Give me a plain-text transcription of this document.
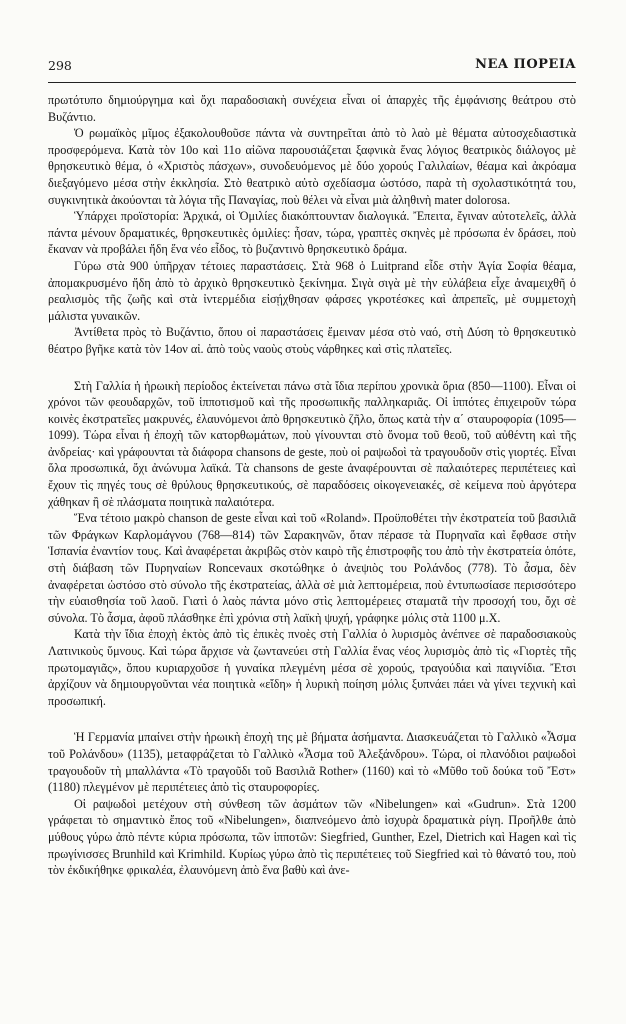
298	ΝΕΑ ΠΟΡΕΙΑ

πρωτότυπο δημιούργημα καὶ ὄχι παραδοσιακὴ συνέχεια εἶναι οἱ ἀπαρχὲς τῆς ἐμφάνισης θεάτρου στὸ Βυζάντιο.

Ὁ ρωμαϊκὸς μῖμος ἐξακολουθοῦσε πάντα νὰ συντηρεῖται ἀπὸ τὸ λαὸ μὲ θέματα αὐτοσχεδιαστικὰ προσφερόμενα. Κατὰ τὸν 10ο καὶ 11ο αἰῶνα παρουσιάζεται ξαφνικὰ ἕνας λόγιος θεατρικὸς διάλογος μὲ θρησκευτικὸ θέμα, ὁ «Χριστὸς πάσχων», συνοδευόμενος μὲ δύο χορούς Γαλιλαίων, θέαμα καὶ ἀκρόαμα διεξαγόμενο μέσα στὴν ἐκκλησία. Στὸ θεατρικὸ αὐτὸ σχεδίασμα ὡστόσο, παρὰ τὴ σχολαστικότητά του, συγκινητικὰ ἀκούονται τὰ λόγια τῆς Παναγίας, ποὺ θέλει νὰ εἶναι μιὰ ἀληθινὴ mater dolorosa.

Ὑπάρχει προϊστορία: Ἀρχικά, οἱ Ὁμιλίες διακόπτουνταν διαλογικά. Ἔπειτα, ἔγιναν αὐτοτελεῖς, ἀλλὰ πάντα μένουν δραματικές, θρησκευτικὲς ὁμιλίες: ἦσαν, τώρα, γραπτὲς σκηνὲς μὲ πρόσωπα ἐν δράσει, ποὺ ἔκαναν νὰ προβάλει ἤδη ἕνα νέο εἶδος, τὸ βυζαντινὸ θρησκευτικὸ δράμα.

Γύρω στὰ 900 ὑπῆρχαν τέτοιες παραστάσεις. Στὰ 968 ὁ Luitprand εἶδε στὴν Ἁγία Σοφία θέαμα, ἀπομακρυσμένο ἤδη ἀπὸ τὸ ἀρχικὸ θρησκευτικὸ ξεκίνημα. Σιγὰ σιγὰ μὲ τὴν εὐλάβεια εἶχε ἀναμειχθῆ ὁ ρεαλισμὸς τῆς ζωῆς καὶ στὰ ἰντερμέδια εἰσῄχθησαν φάρσες γκροτέσκες καὶ ἀπρεπεῖς, μὲ συμμετοχὴ μάλιστα γυναικῶν.

Ἀντίθετα πρὸς τὸ Βυζάντιο, ὅπου οἱ παραστάσεις ἔμειναν μέσα στὸ ναό, στὴ Δύση τὸ θρησκευτικὸ θέατρο βγῆκε κατὰ τὸν 14ον αἰ. ἀπὸ τοὺς ναοὺς στοὺς νάρθηκες καὶ στὶς πλατεῖες.

Στὴ Γαλλία ἡ ἡρωικὴ περίοδος ἐκτείνεται πάνω στὰ ἴδια περίπου χρονικὰ ὅρια (850—1100). Εἶναι οἱ χρόνοι τῶν φεουδαρχῶν, τοῦ ἱπποτισμοῦ καὶ τῆς προσωπικῆς παλληκαριᾶς. Οἱ ἱππότες ἐπιχειροῦν τώρα κοινὲς ἐκστρατεῖες μακρυνές, ἐλαυνόμενοι ἀπὸ θρησκευτικὸ ζῆλο, ὅπως κατὰ τὴν α΄ σταυροφορία (1095—1099). Τώρα εἶναι ἡ ἐποχὴ τῶν κατορθωμάτων, ποὺ γίνουνται στὸ ὄνομα τοῦ θεοῦ, τοῦ αὐθέντη καὶ τῆς ἀνδρείας· καὶ γράφουνται τὰ διάφορα chansons de geste, ποὺ οἱ ραψωδοὶ τὰ τραγουδοῦν στὶς γιορτές. Εἶναι ὅλα προσωπικά, ὄχι ἀνώνυμα λαϊκά. Τὰ chansons de geste ἀναφέρουνται σὲ παλαιότερες περιπέτειες καὶ ἔχουν τὶς πηγές τους σὲ θρύλους θρησκευτικούς, σὲ παραδόσεις οἰκογενειακές, σὲ κείμενα ποὺ ἀργότερα χάθηκαν ἢ σὲ πλάσματα ποιητικὰ παλαιότερα.

Ἕνα τέτοιο μακρὸ chanson de geste εἶναι καὶ τοῦ «Roland». Προϋποθέτει τὴν ἐκστρατεία τοῦ βασιλιᾶ τῶν Φράγκων Καρλομάγνου (768—814) τῶν Σαρακηνῶν, ὅταν πέρασε τὰ Πυρηναῖα καὶ ἔφθασε στὴν Ἱσπανία ἐναντίον τους. Καὶ ἀναφέρεται ἀκριβῶς στὸν καιρὸ τῆς ἐπιστροφῆς του ἀπὸ τὴν ἐκστρατεία ὁπότε, στὴ διάβαση τῶν Πυρηναίων Roncevaux σκοτώθηκε ὁ ἀνεψιὸς του Ρολάνδος (778). Τὸ ἆσμα, δὲν ἀναφέρεται ὡστόσο στὸ σύνολο τῆς ἐκστρατείας, ἀλλὰ σὲ μιὰ λεπτομέρεια, ποὺ ἐντυπωσίασε περισσότερο τὴν εὐαισθησία τοῦ λαοῦ. Γιατὶ ὁ λαὸς πάντα μόνο στὶς λεπτομέρειες σταματᾶ τὴν προσοχή του, ὄχι σὲ σύνολα. Τὸ ἆσμα, ἀφοῦ πλάσθηκε ἐπὶ χρόνια στὴ λαϊκὴ ψυχή, γράφηκε μόλις στὰ 1100 μ.Χ.

Κατὰ τὴν ἴδια ἐποχὴ ἐκτὸς ἀπὸ τὶς ἐπικὲς πνοὲς στὴ Γαλλία ὁ λυρισμὸς ἀνέπνεε σὲ παραδοσιακοὺς Λατινικοὺς ὕμνους. Καὶ τώρα ἄρχισε νὰ ζωντανεύει στὴ Γαλλία ἕνας νέος λυρισμὸς ἀπὸ τὶς «Γιορτὲς τῆς πρωτομαγιᾶς», ὅπου κυριαρχοῦσε ἡ γυναίκα πλεγμένη μέσα σὲ χορούς, τραγούδια καὶ παιγνίδια. Ἔτσι ἀρχίζουν νὰ δημιουργοῦνται νέα ποιητικὰ «εἴδη» ἡ λυρικὴ ποίηση μόλις ξυπνάει πάει νὰ γίνει τεχνικὴ καὶ προσωπική.

Ἡ Γερμανία μπαίνει στὴν ἡρωικὴ ἐποχὴ της μὲ βήματα ἀσήμαντα. Διασκευάζεται τὸ Γαλλικὸ «Ἆσμα τοῦ Ρολάνδου» (1135), μεταφράζεται τὸ Γαλλικὸ «Ἆσμα τοῦ Ἀλεξάνδρου». Τώρα, οἱ πλανόδιοι ραψωδοὶ τραγουδοῦν τὴ μπαλλάντα «Τὸ τραγοῦδι τοῦ Βασιλιᾶ Rother» (1160) καὶ τὸ «Μῦθο τοῦ δούκα τοῦ Ἔστ» (1180) πλεγμένον μὲ περιπέτειες ἀπὸ τὶς σταυροφορίες.

Οἱ ραψωδοὶ μετέχουν στὴ σύνθεση τῶν ἀσμάτων τῶν «Nibelungen» καὶ «Gudrun». Στὰ 1200 γράφεται τὸ σημαντικὸ ἔπος τοῦ «Nibelungen», διαπνεόμενο ἀπὸ ἰσχυρὰ δραματικὰ ρίγη. Προῆλθε ἀπὸ μύθους γύρω ἀπὸ πέντε κύρια πρόσωπα, τῶν ἱπποτῶν: Siegfried, Gunther, Ezel, Dietrich καὶ Hagen καὶ τὶς πρωγίνισσες Brunhild καὶ Krimhild. Κυρίως γύρω ἀπὸ τὶς περιπέτειες τοῦ Siegfried καὶ τὸ θάνατό του, ποὺ τὸν ἐκδικήθηκε φρικαλέα, ἐλαυνόμενη ἀπὸ ἕνα βαθὺ καὶ ἀνε-
